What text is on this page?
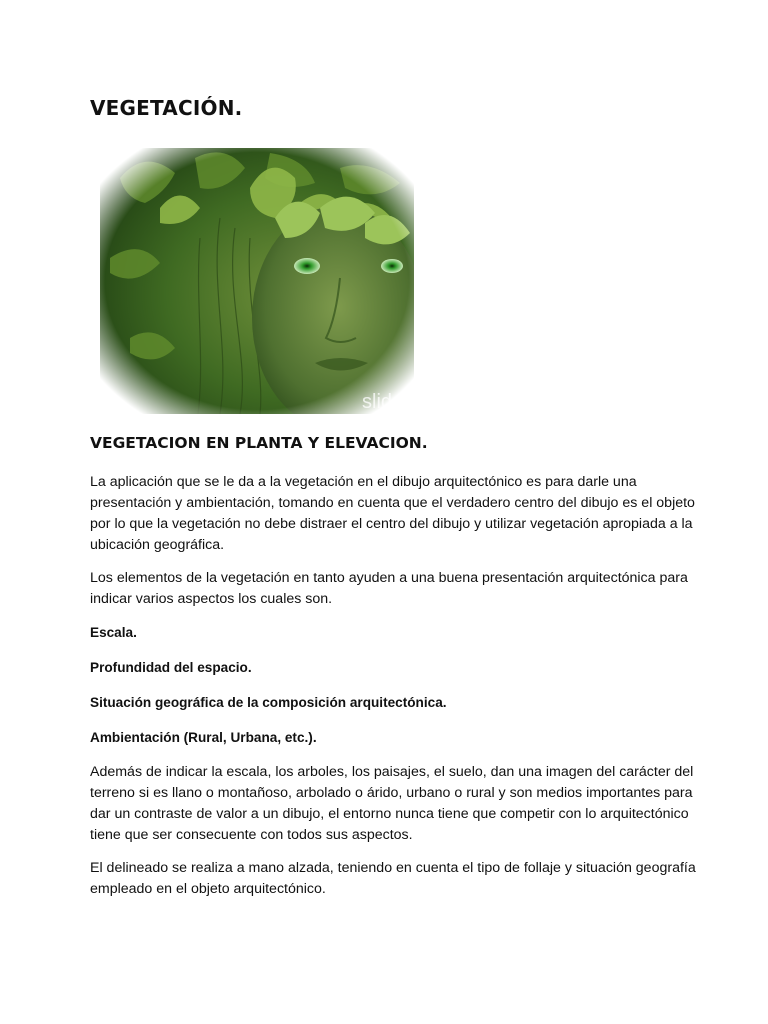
VEGETACIÓN.
slide
VEGETACION EN PLANTA Y ELEVACION.

La aplicación que se le da a la vegetación en el dibujo arquitectónico es para darle una presentación y ambientación, tomando en cuenta que el verdadero centro del dibujo es el objeto por lo que la vegetación no debe distraer el centro del dibujo y utilizar vegetación apropiada a la ubicación geográfica.

Los elementos de la vegetación en tanto ayuden a una buena presentación arquitectónica para indicar varios aspectos los cuales son.

Escala.

Profundidad del espacio.

Situación geográfica de la composición arquitectónica.

Ambientación (Rural, Urbana, etc.).

Además de indicar la escala, los arboles, los paisajes, el suelo, dan una imagen del carácter del terreno si es llano o montañoso, arbolado o árido, urbano o rural y son medios importantes para dar un contraste de valor a un dibujo, el entorno nunca tiene que competir con lo arquitectónico tiene que ser consecuente con todos sus aspectos.

El delineado se realiza a mano alzada, teniendo en cuenta el tipo de follaje y situación geografía empleado en el objeto arquitectónico.
